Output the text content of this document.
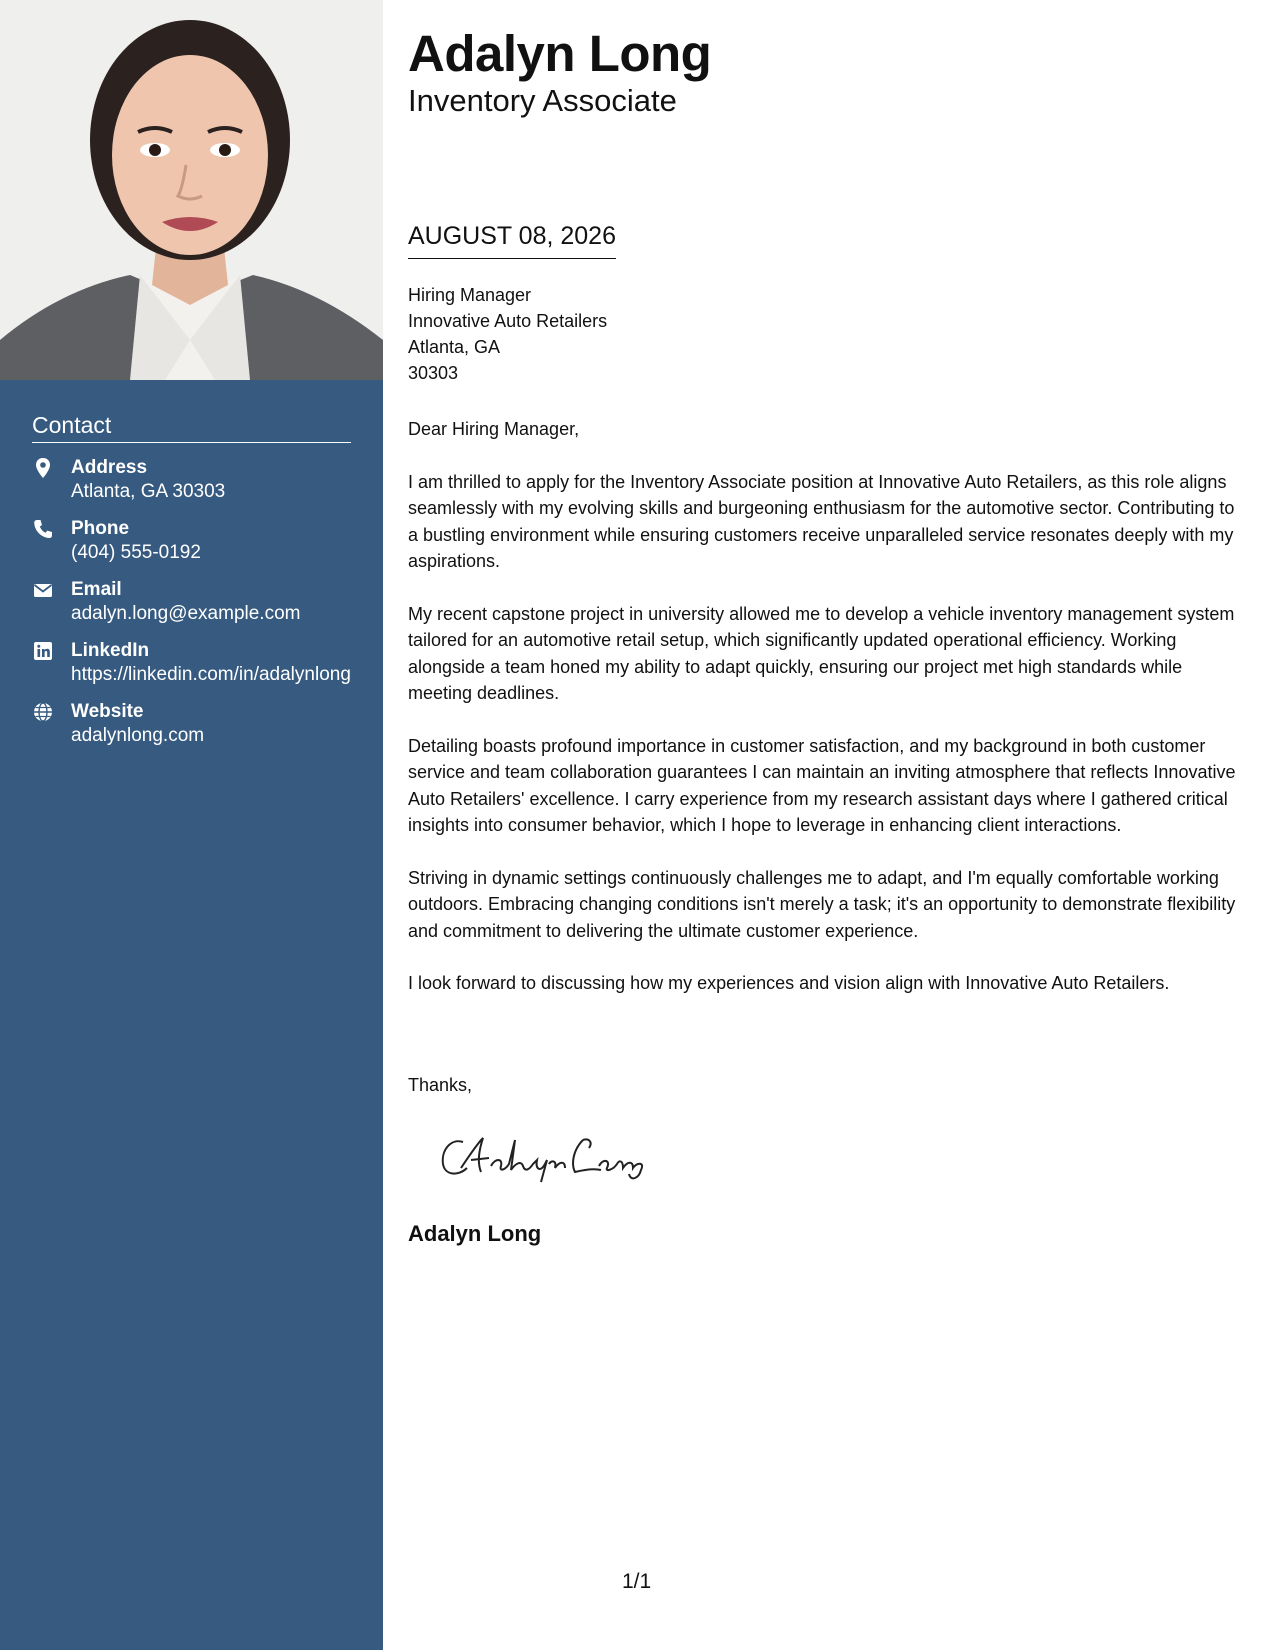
Contact
Address
Atlanta, GA 30303
Phone
(404) 555-0192
Email
adalyn.long@example.com
LinkedIn
https://linkedin.com/in/adalynlong
Website
adalynlong.com
Adalyn Long
Inventory Associate
AUGUST 08, 2026
Hiring Manager
Innovative Auto Retailers
Atlanta, GA
30303

Dear Hiring Manager,

I am thrilled to apply for the Inventory Associate position at Innovative Auto Retailers, as this role aligns seamlessly with my evolving skills and burgeoning enthusiasm for the automotive sector. Contributing to a bustling environment while ensuring customers receive unparalleled service resonates deeply with my aspirations.

My recent capstone project in university allowed me to develop a vehicle inventory management system tailored for an automotive retail setup, which significantly updated operational efficiency. Working alongside a team honed my ability to adapt quickly, ensuring our project met high standards while meeting deadlines.

Detailing boasts profound importance in customer satisfaction, and my background in both customer service and team collaboration guarantees I can maintain an inviting atmosphere that reflects Innovative Auto Retailers' excellence. I carry experience from my research assistant days where I gathered critical insights into consumer behavior, which I hope to leverage in enhancing client interactions.

Striving in dynamic settings continuously challenges me to adapt, and I'm equally comfortable working outdoors. Embracing changing conditions isn't merely a task; it's an opportunity to demonstrate flexibility and commitment to delivering the ultimate customer experience.

I look forward to discussing how my experiences and vision align with Innovative Auto Retailers.

Thanks,
Adalyn Long
1/1
